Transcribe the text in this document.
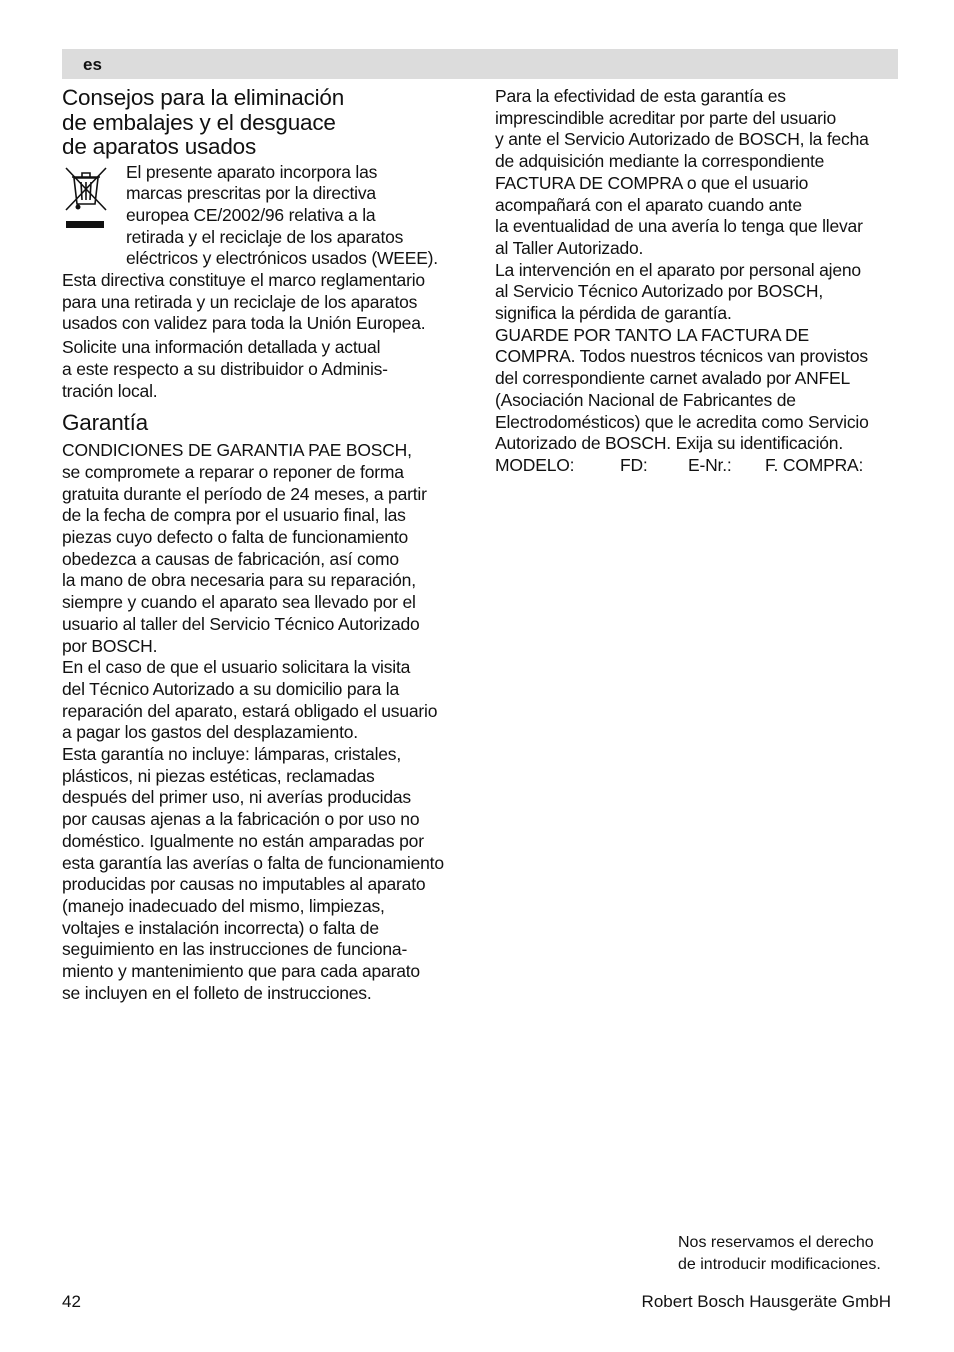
es
Consejos para la eliminación
de embalajes y el desguace
de aparatos usados
El presente aparato incorpora las
marcas prescritas por la directiva
europea CE/2002/96 relativa a la
retirada y el reciclaje de los aparatos
eléctricos y electrónicos usados (WEEE).
Esta directiva constituye el marco reglamentario
para una retirada y un reciclaje de los aparatos
usados con validez para toda la Unión Europea.
Solicite una información detallada y actual
a este respecto a su distribuidor o Adminis-
tración local.
Garantía
CONDICIONES DE GARANTIA PAE BOSCH,
se compromete a reparar o reponer de forma
gratuita durante el período de 24 meses, a partir
de la fecha de compra por el usuario final, las
piezas cuyo defecto o falta de funcionamiento
obedezca a causas de fabricación, así como
la mano de obra necesaria para su reparación,
siempre y cuando el aparato sea llevado por el
usuario al taller del Servicio Técnico Autorizado
por BOSCH.
En el caso de que el usuario solicitara la visita
del Técnico Autorizado a su domicilio para la
reparación del aparato, estará obligado el usuario
a pagar los gastos del desplazamiento.
Esta garantía no incluye: lámparas, cristales,
plásticos, ni piezas estéticas, reclamadas
después del primer uso, ni averías producidas
por causas ajenas a la fabricación o por uso no
doméstico. Igualmente no están amparadas por
esta garantía las averías o falta de funcionamiento
producidas por causas no imputables al aparato
(manejo inadecuado del mismo, limpiezas,
voltajes e instalación incorrecta) o falta de
seguimiento en las instrucciones de funciona-
miento y mantenimiento que para cada aparato
se incluyen en el folleto de instrucciones.
Para la efectividad de esta garantía es
imprescindible acreditar por parte del usuario
y ante el Servicio Autorizado de BOSCH, la fecha
de adquisición mediante la correspondiente
FACTURA DE COMPRA o que el usuario
acompañará con el aparato cuando ante
la eventualidad de una avería lo tenga que llevar
al Taller Autorizado.
La intervención en el aparato por personal ajeno
al Servicio Técnico Autorizado por BOSCH,
significa la pérdida de garantía.
GUARDE POR TANTO LA FACTURA DE
COMPRA. Todos nuestros técnicos van provistos
del correspondiente carnet avalado por ANFEL
(Asociación Nacional de Fabricantes de
Electrodomésticos) que le acredita como Servicio
Autorizado de BOSCH. Exija su identificación.
MODELO:	FD:	E-Nr.:	F. COMPRA:
Nos reservamos el derecho
de introducir modificaciones.
42	Robert Bosch Hausgeräte GmbH
